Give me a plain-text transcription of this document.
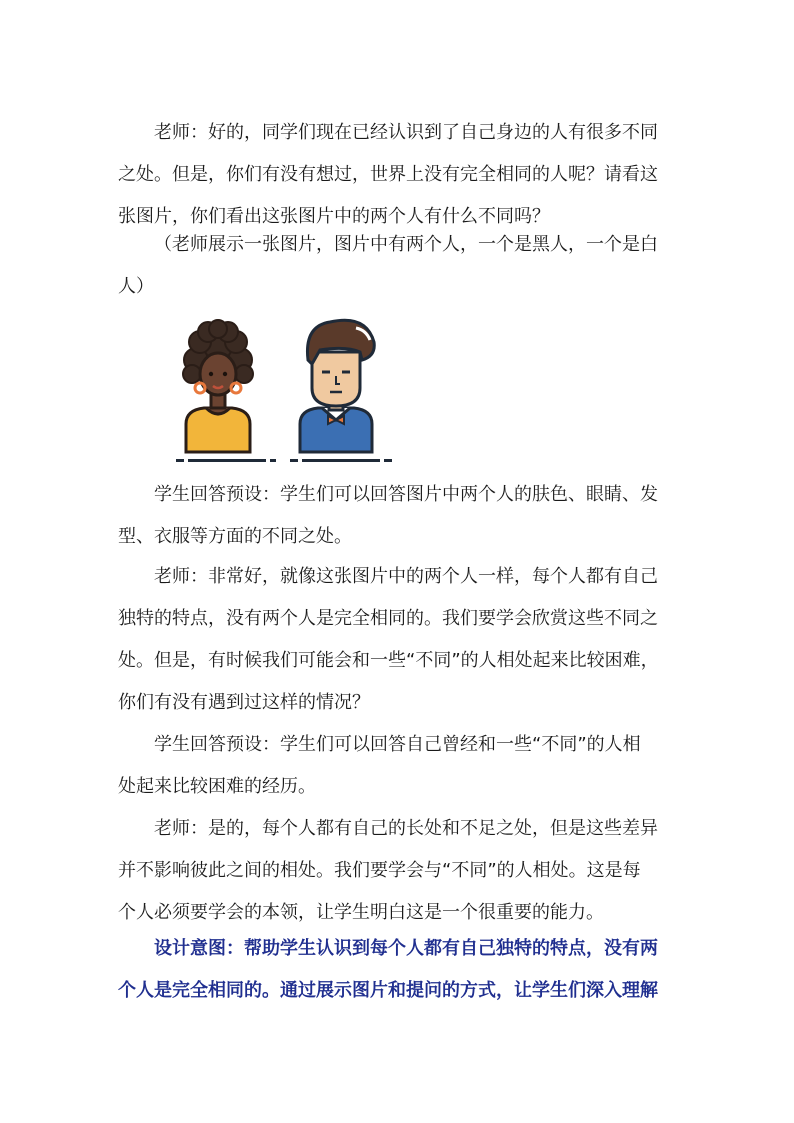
老师：好的，同学们现在已经认识到了自己身边的人有很多不同
之处。但是，你们有没有想过，世界上没有完全相同的人呢？请看这
张图片，你们看出这张图片中的两个人有什么不同吗？

（老师展示一张图片，图片中有两个人，一个是黑人，一个是白
人）

学生回答预设：学生们可以回答图片中两个人的肤色、眼睛、发
型、衣服等方面的不同之处。

老师：非常好，就像这张图片中的两个人一样，每个人都有自己
独特的特点，没有两个人是完全相同的。我们要学会欣赏这些不同之
处。但是，有时候我们可能会和一些“不同”的人相处起来比较困难，
你们有没有遇到过这样的情况？

学生回答预设：学生们可以回答自己曾经和一些“不同”的人相
处起来比较困难的经历。

老师：是的，每个人都有自己的长处和不足之处，但是这些差异
并不影响彼此之间的相处。我们要学会与“不同”的人相处。这是每
个人必须要学会的本领，让学生明白这是一个很重要的能力。

设计意图：帮助学生认识到每个人都有自己独特的特点，没有两
个人是完全相同的。通过展示图片和提问的方式，让学生们深入理解
